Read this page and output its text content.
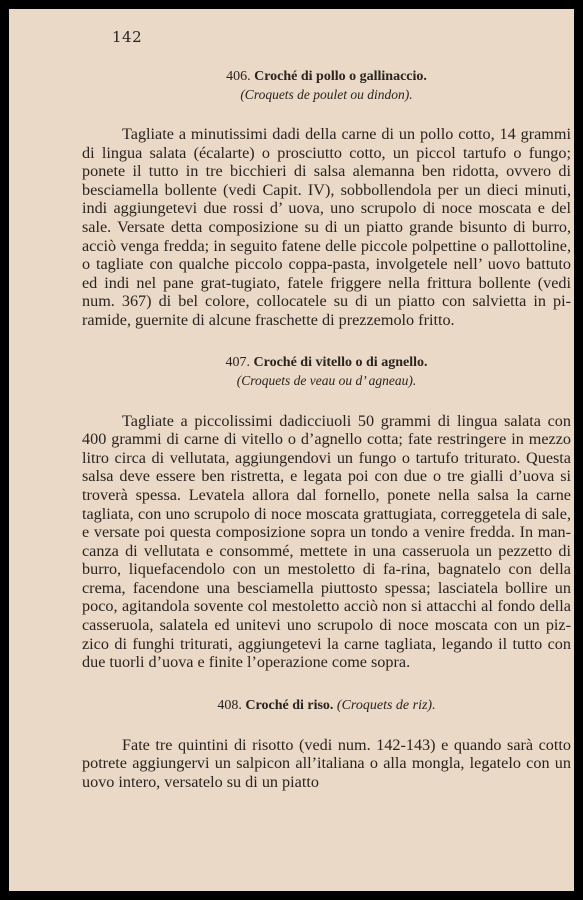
142
406. Croché di pollo o gallinaccio.
(Croquets de poulet ou dindon).

Tagliate a minutissimi dadi della carne di un pollo cotto, 14 grammi di lingua salata (écalarte) o prosciutto cotto, un piccol tartufo o fungo; ponete il tutto in tre bicchieri di salsa alemanna ben ridotta, ovvero di besciamella bollente (vedi Capit. IV), sobbollendola per un dieci minuti, indi aggiungetevi due rossi d’ uova, uno scrupolo di noce moscata e del sale. Versate detta composizione su di un piatto grande bisunto di burro, acciò venga fredda; in seguito fatene delle piccole polpettine o pallottoline, o tagliate con qualche piccolo coppa-pasta, involgetele nell’ uovo battuto ed indi nel pane grat-tugiato, fatele friggere nella frittura bollente (vedi num. 367) di bel colore, collocatele su di un piatto con salvietta in pi-ramide, guernite di alcune fraschette di prezzemolo fritto.

407. Croché di vitello o di agnello.
(Croquets de veau ou d’ agneau).

Tagliate a piccolissimi dadicciuoli 50 grammi di lingua salata con 400 grammi di carne di vitello o d’agnello cotta; fate restringere in mezzo litro circa di vellutata, aggiungendovi un fungo o tartufo triturato. Questa salsa deve essere ben ristretta, e legata poi con due o tre gialli d’uova si troverà spessa. Levatela allora dal fornello, ponete nella salsa la carne tagliata, con uno scrupolo di noce moscata grattugiata, correggetela di sale, e versate poi questa composizione sopra un tondo a venire fredda. In man-canza di vellutata e consommé, mettete in una casseruola un pezzetto di burro, liquefacendolo con un mestoletto di fa-rina, bagnatelo con della crema, facendone una besciamella piuttosto spessa; lasciatela bollire un poco, agitandola sovente col mestoletto acciò non si attacchi al fondo della casseruola, salatela ed unitevi uno scrupolo di noce moscata con un piz-zico di funghi triturati, aggiungetevi la carne tagliata, legando il tutto con due tuorli d’uova e finite l’operazione come sopra.

408. Croché di riso. (Croquets de riz).

Fate tre quintini di risotto (vedi num. 142-143) e quando sarà cotto potrete aggiungervi un salpicon all’italiana o alla mongla, legatelo con un uovo intero, versatelo su di un piatto
